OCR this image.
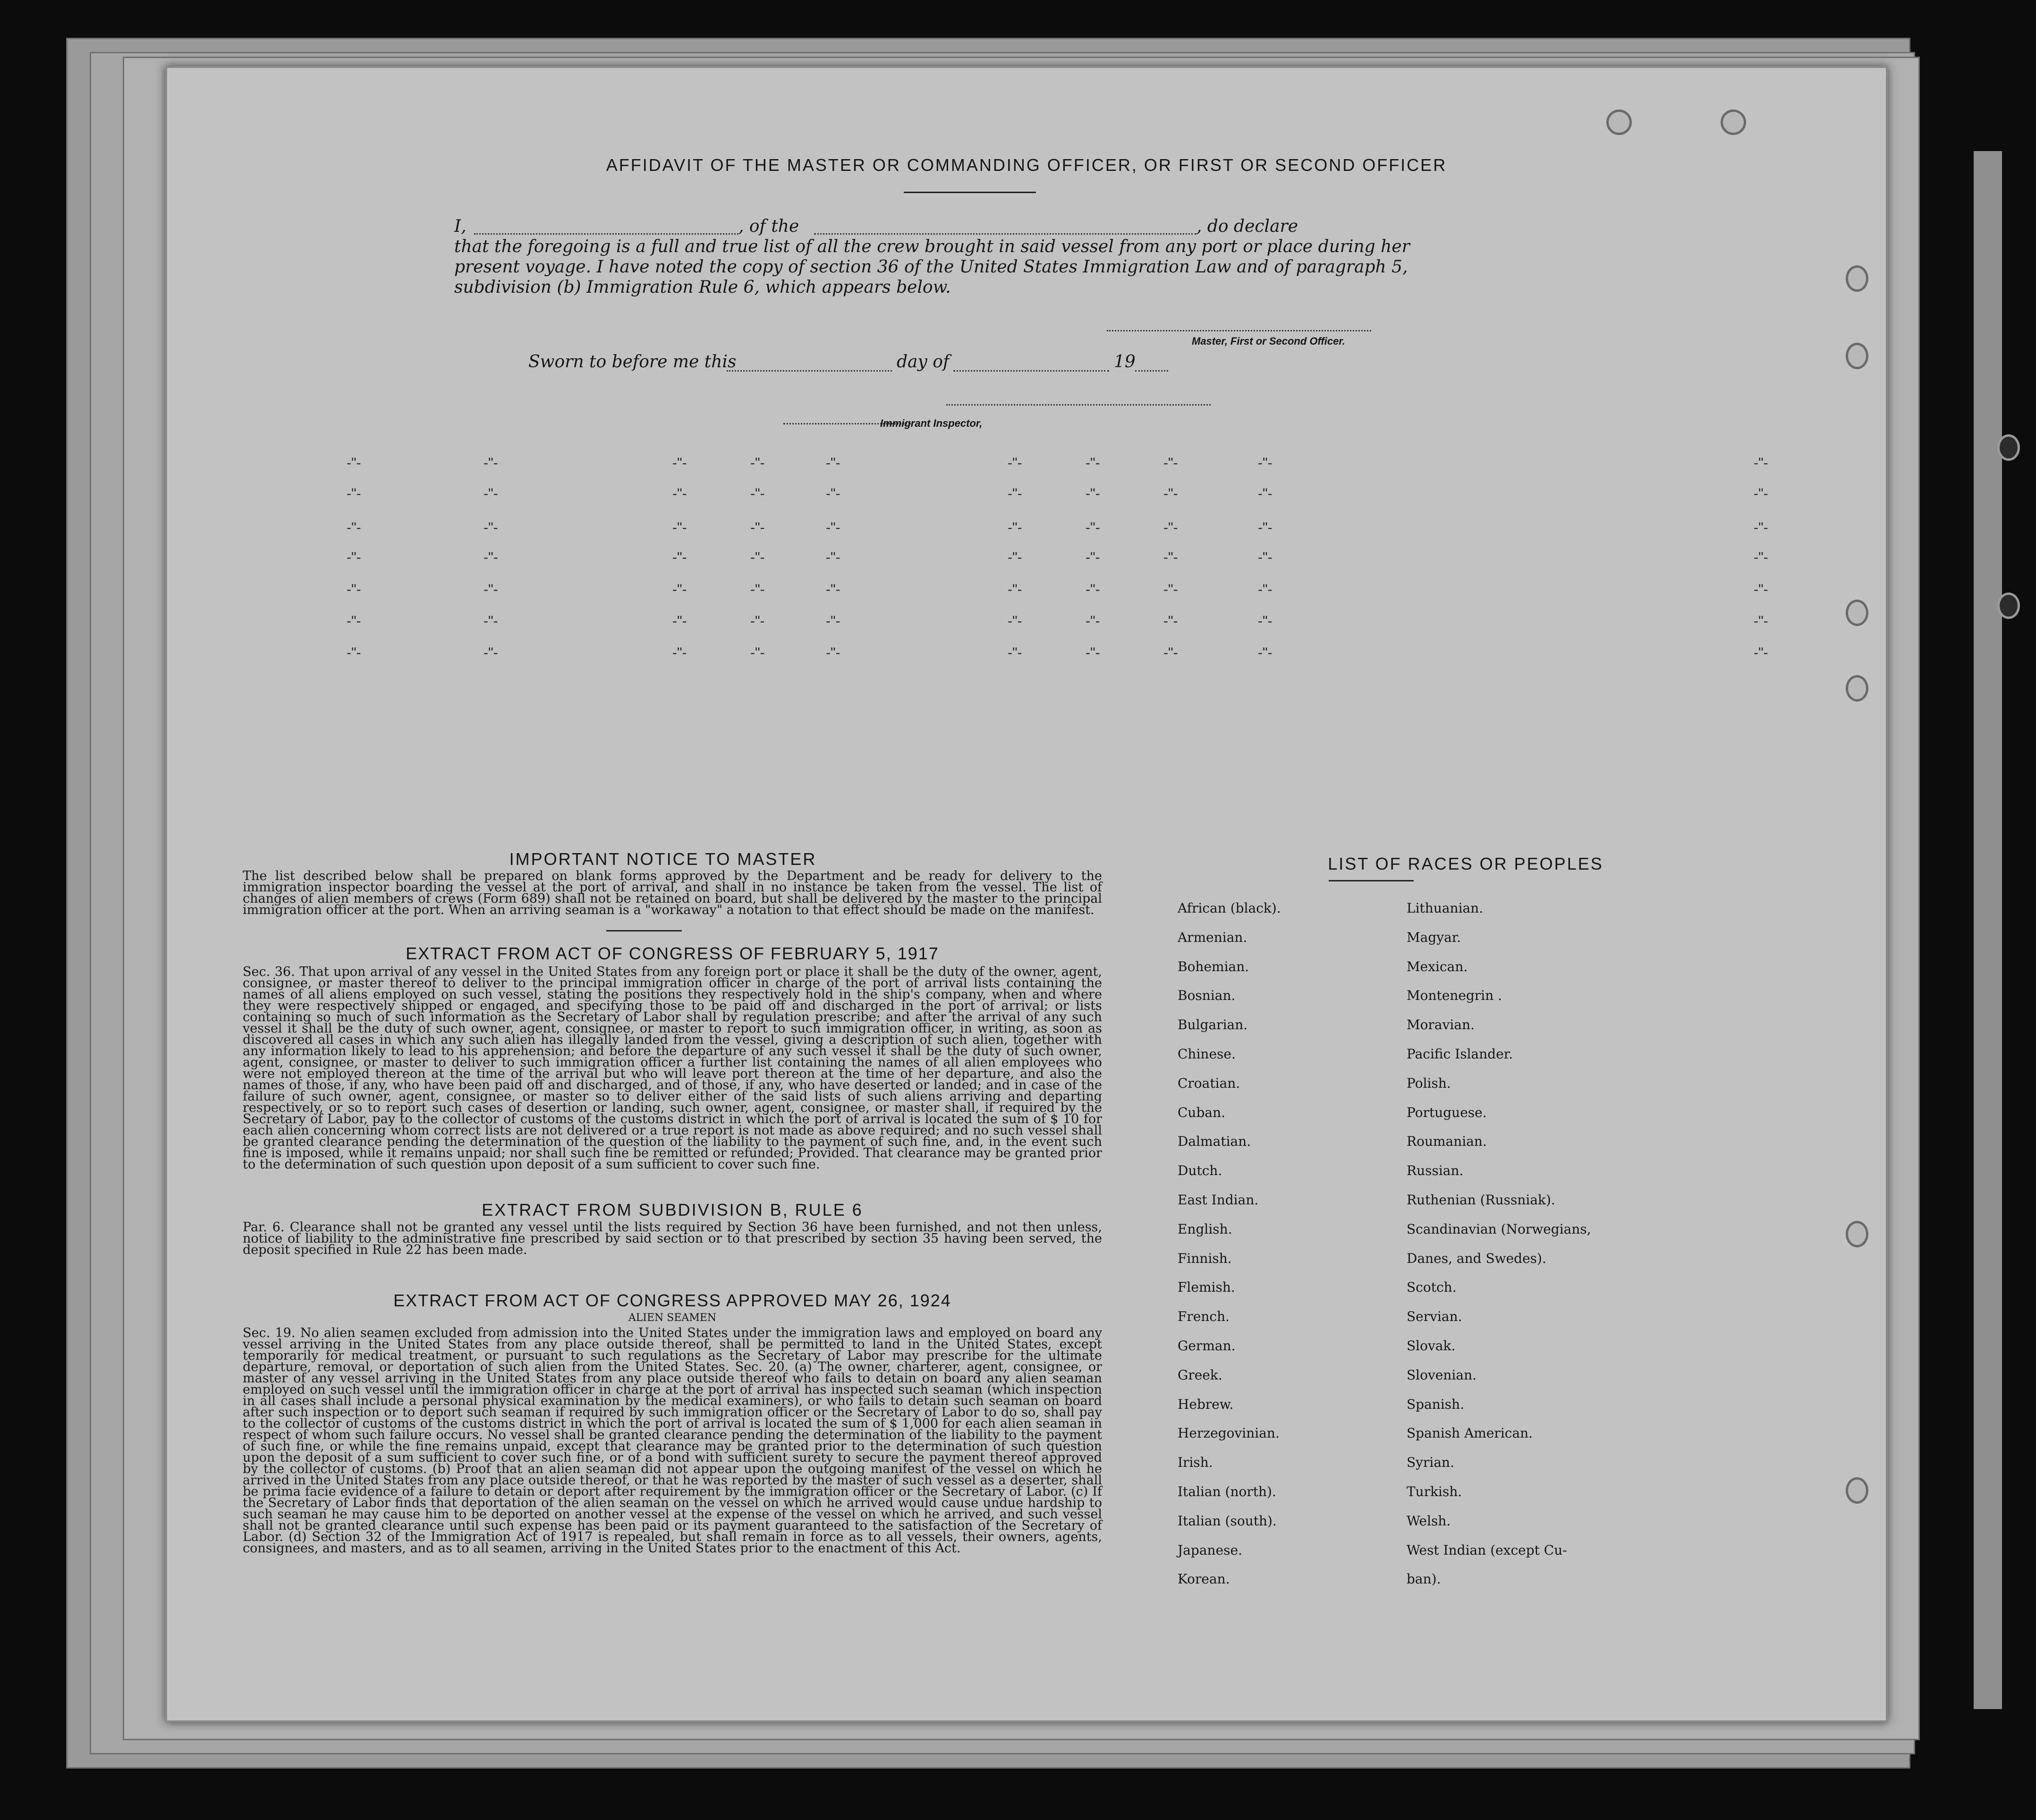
AFFIDAVIT OF THE MASTER OR COMMANDING OFFICER, OR FIRST OR SECOND OFFICER
I,	, of the	, do declare
that the foregoing is a full and true list of all the crew brought in said vessel from any port or place during her
present voyage. I have noted the copy of section 36 of the United States Immigration Law and of paragraph 5,
subdivision (b) Immigration Rule 6, which appears below.
Master, First or Second Officer.
Sworn to before me this	day of	19
Immigrant Inspector,
-"-	-"-	-"-	-"-	-"-	-"-	-"-	-"-	-"-	-"-
-"-	-"-	-"-	-"-	-"-	-"-	-"-	-"-	-"-	-"-
-"-	-"-	-"-	-"-	-"-	-"-	-"-	-"-	-"-	-"-
-"-	-"-	-"-	-"-	-"-	-"-	-"-	-"-	-"-	-"-
-"-	-"-	-"-	-"-	-"-	-"-	-"-	-"-	-"-	-"-
-"-	-"-	-"-	-"-	-"-	-"-	-"-	-"-	-"-	-"-
-"-	-"-	-"-	-"-	-"-	-"-	-"-	-"-	-"-	-"-
IMPORTANT NOTICE TO MASTER
The list described below shall be prepared on blank forms approved by the Department and be ready for delivery to the immigration inspector boarding the vessel at the port of arrival, and shall in no instance be taken from the vessel. The list of changes of alien members of crews (Form 689) shall not be retained on board, but shall be delivered by the master to the principal immigration officer at the port. When an arriving seaman is a "workaway" a notation to that effect should be made on the manifest.
EXTRACT FROM ACT OF CONGRESS OF FEBRUARY 5, 1917
Sec. 36. That upon arrival of any vessel in the United States from any foreign port or place it shall be the duty of the owner, agent, consignee, or master thereof to deliver to the principal immigration officer in charge of the port of arrival lists containing the names of all aliens employed on such vessel, stating the positions they respectively hold in the ship's company, when and where they were respectively shipped or engaged, and specifying those to be paid off and discharged in the port of arrival; or lists containing so much of such information as the Secretary of Labor shall by regulation prescribe; and after the arrival of any such vessel it shall be the duty of such owner, agent, consignee, or master to report to such immigration officer, in writing, as soon as discovered all cases in which any such alien has illegally landed from the vessel, giving a description of such alien, together with any information likely to lead to his apprehension; and before the departure of any such vessel it shall be the duty of such owner, agent, consignee, or master to deliver to such immigration officer a further list containing the names of all alien employees who were not employed thereon at the time of the arrival but who will leave port thereon at the time of her departure, and also the names of those, if any, who have been paid off and discharged, and of those, if any, who have deserted or landed; and in case of the failure of such owner, agent, consignee, or master so to deliver either of the said lists of such aliens arriving and departing respectively, or so to report such cases of desertion or landing, such owner, agent, consignee, or master shall, if required by the Secretary of Labor, pay to the collector of customs of the customs district in which the port of arrival is located the sum of $ 10 for each alien concerning whom correct lists are not delivered or a true report is not made as above required; and no such vessel shall be granted clearance pending the determination of the question of the liability to the payment of such fine, and, in the event such fine is imposed, while it remains unpaid; nor shall such fine be remitted or refunded; Provided. That clearance may be granted prior to the determination of such question upon deposit of a sum sufficient to cover such fine.
EXTRACT FROM SUBDIVISION B, RULE 6
Par. 6. Clearance shall not be granted any vessel until the lists required by Section 36 have been furnished, and not then unless, notice of liability to the administrative fine prescribed by said section or to that prescribed by section 35 having been served, the deposit specified in Rule 22 has been made.
EXTRACT FROM ACT OF CONGRESS APPROVED MAY 26, 1924
ALIEN SEAMEN
Sec. 19. No alien seamen excluded from admission into the United States under the immigration laws and employed on board any vessel arriving in the United States from any place outside thereof, shall be permitted to land in the United States, except temporarily for medical treatment, or pursuant to such regulations as the Secretary of Labor may prescribe for the ultimate departure, removal, or deportation of such alien from the United States. Sec. 20. (a) The owner, charterer, agent, consignee, or master of any vessel arriving in the United States from any place outside thereof who fails to detain on board any alien seaman employed on such vessel until the immigration officer in charge at the port of arrival has inspected such seaman (which inspection in all cases shall include a personal physical examination by the medical examiners), or who fails to detain such seaman on board after such inspection or to deport such seaman if required by such immigration officer or the Secretary of Labor to do so, shall pay to the collector of customs of the customs district in which the port of arrival is located the sum of $ 1,000 for each alien seaman in respect of whom such failure occurs. No vessel shall be granted clearance pending the determination of the liability to the payment of such fine, or while the fine remains unpaid, except that clearance may be granted prior to the determination of such question upon the deposit of a sum sufficient to cover such fine, or of a bond with sufficient surety to secure the payment thereof approved by the collector of customs. (b) Proof that an alien seaman did not appear upon the outgoing manifest of the vessel on which he arrived in the United States from any place outside thereof, or that he was reported by the master of such vessel as a deserter, shall be prima facie evidence of a failure to detain or deport after requirement by the immigration officer or the Secretary of Labor. (c) If the Secretary of Labor finds that deportation of the alien seaman on the vessel on which he arrived would cause undue hardship to such seaman he may cause him to be deported on another vessel at the expense of the vessel on which he arrived, and such vessel shall not be granted clearance until such expense has been paid or its payment guaranteed to the satisfaction of the Secretary of Labor. (d) Section 32 of the Immigration Act of 1917 is repealed, but shall remain in force as to all vessels, their owners, agents, consignees, and masters, and as to all seamen, arriving in the United States prior to the enactment of this Act.
LIST OF RACES OR PEOPLES
African (black).
Armenian.
Bohemian.
Bosnian.
Bulgarian.
Chinese.
Croatian.
Cuban.
Dalmatian.
Dutch.
East Indian.
English.
Finnish.
Flemish.
French.
German.
Greek.
Hebrew.
Herzegovinian.
Irish.
Italian (north).
Italian (south).
Japanese.
Korean.
Lithuanian.
Magyar.
Mexican.
Montenegrin .
Moravian.
Pacific Islander.
Polish.
Portuguese.
Roumanian.
Russian.
Ruthenian (Russniak).
Scandinavian (Norwegians,
Danes, and Swedes).
Scotch.
Servian.
Slovak.
Slovenian.
Spanish.
Spanish American.
Syrian.
Turkish.
Welsh.
West Indian (except Cu-
ban).
